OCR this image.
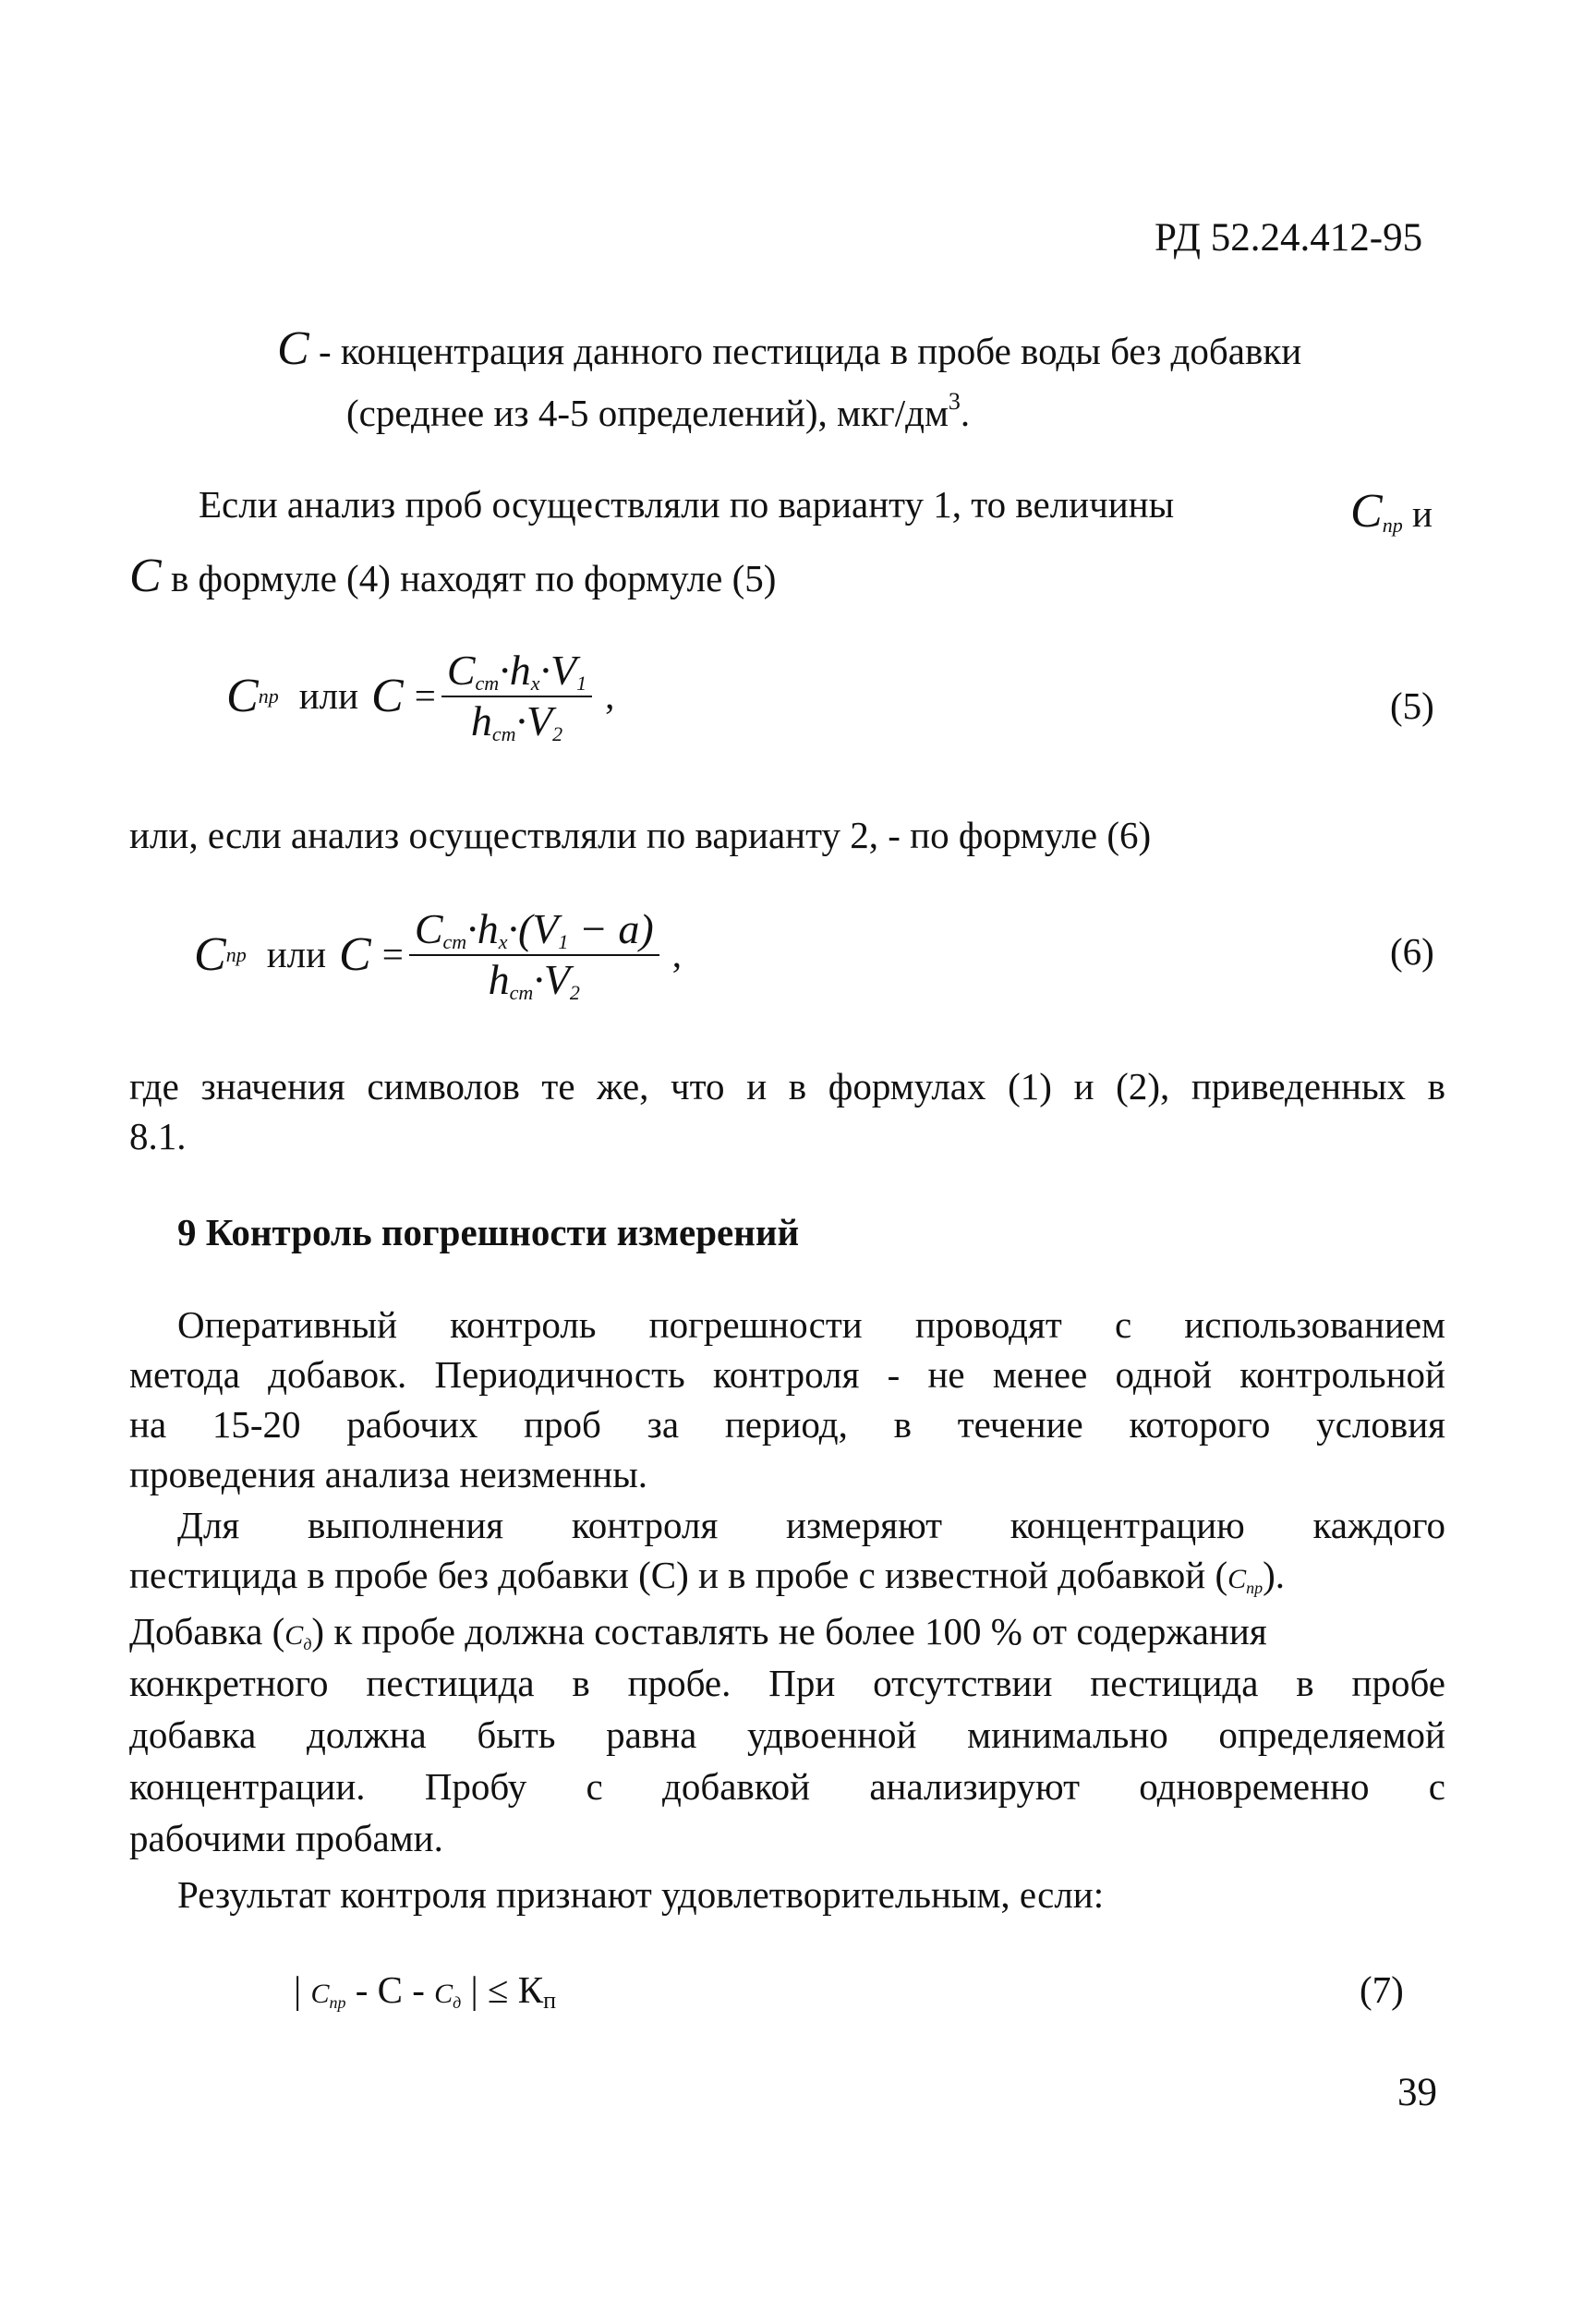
РД 52.24.412-95
C - концентрация данного пестицида в пробе воды без добавки
(среднее из 4-5 определений), мкг/$дм^3$.
Если анализ проб осуществляли по варианту 1, то величины	$C_{пр}$ и
C в формуле (4) находят по формуле (5)
C пр или $C = \frac{C_{ст}\cdot h_х\cdot V_1}{h_{ст}\cdot V_2}$ ,	(5)
или, если анализ осуществляли по варианту 2, - по формуле (6)
C пр или $C = \frac{C_{ст}\cdot h_х\cdot(V_1 - a)}{h_{ст}\cdot V_2}$ ,	(6)
где значения символов те же, что и в формулах (1) и (2), приведенных в
8.1.
9 Контроль погрешности измерений
Оперативный контроль погрешности проводят с использованием
метода добавок. Периодичность контроля - не менее одной контрольной
на 15-20 рабочих проб за период, в течение которого условия
проведения анализа неизменны.
Для выполнения контроля измеряют концентрацию каждого
пестицида в пробе без добавки (С) и в пробе с известной добавкой $(C_{пр})$.
Добавка $(C_д)$ к пробе должна составлять не более 100 % от содержания
конкретного пестицида в пробе. При отсутствии пестицида в пробе
добавка должна быть равна удвоенной минимально определяемой
концентрации. Пробу с добавкой анализируют одновременно с
рабочими пробами.
Результат контроля признают удовлетворительным, если:
| $C_{пр}$ - С - $C_д$ | ≤ Кп	(7)
39
